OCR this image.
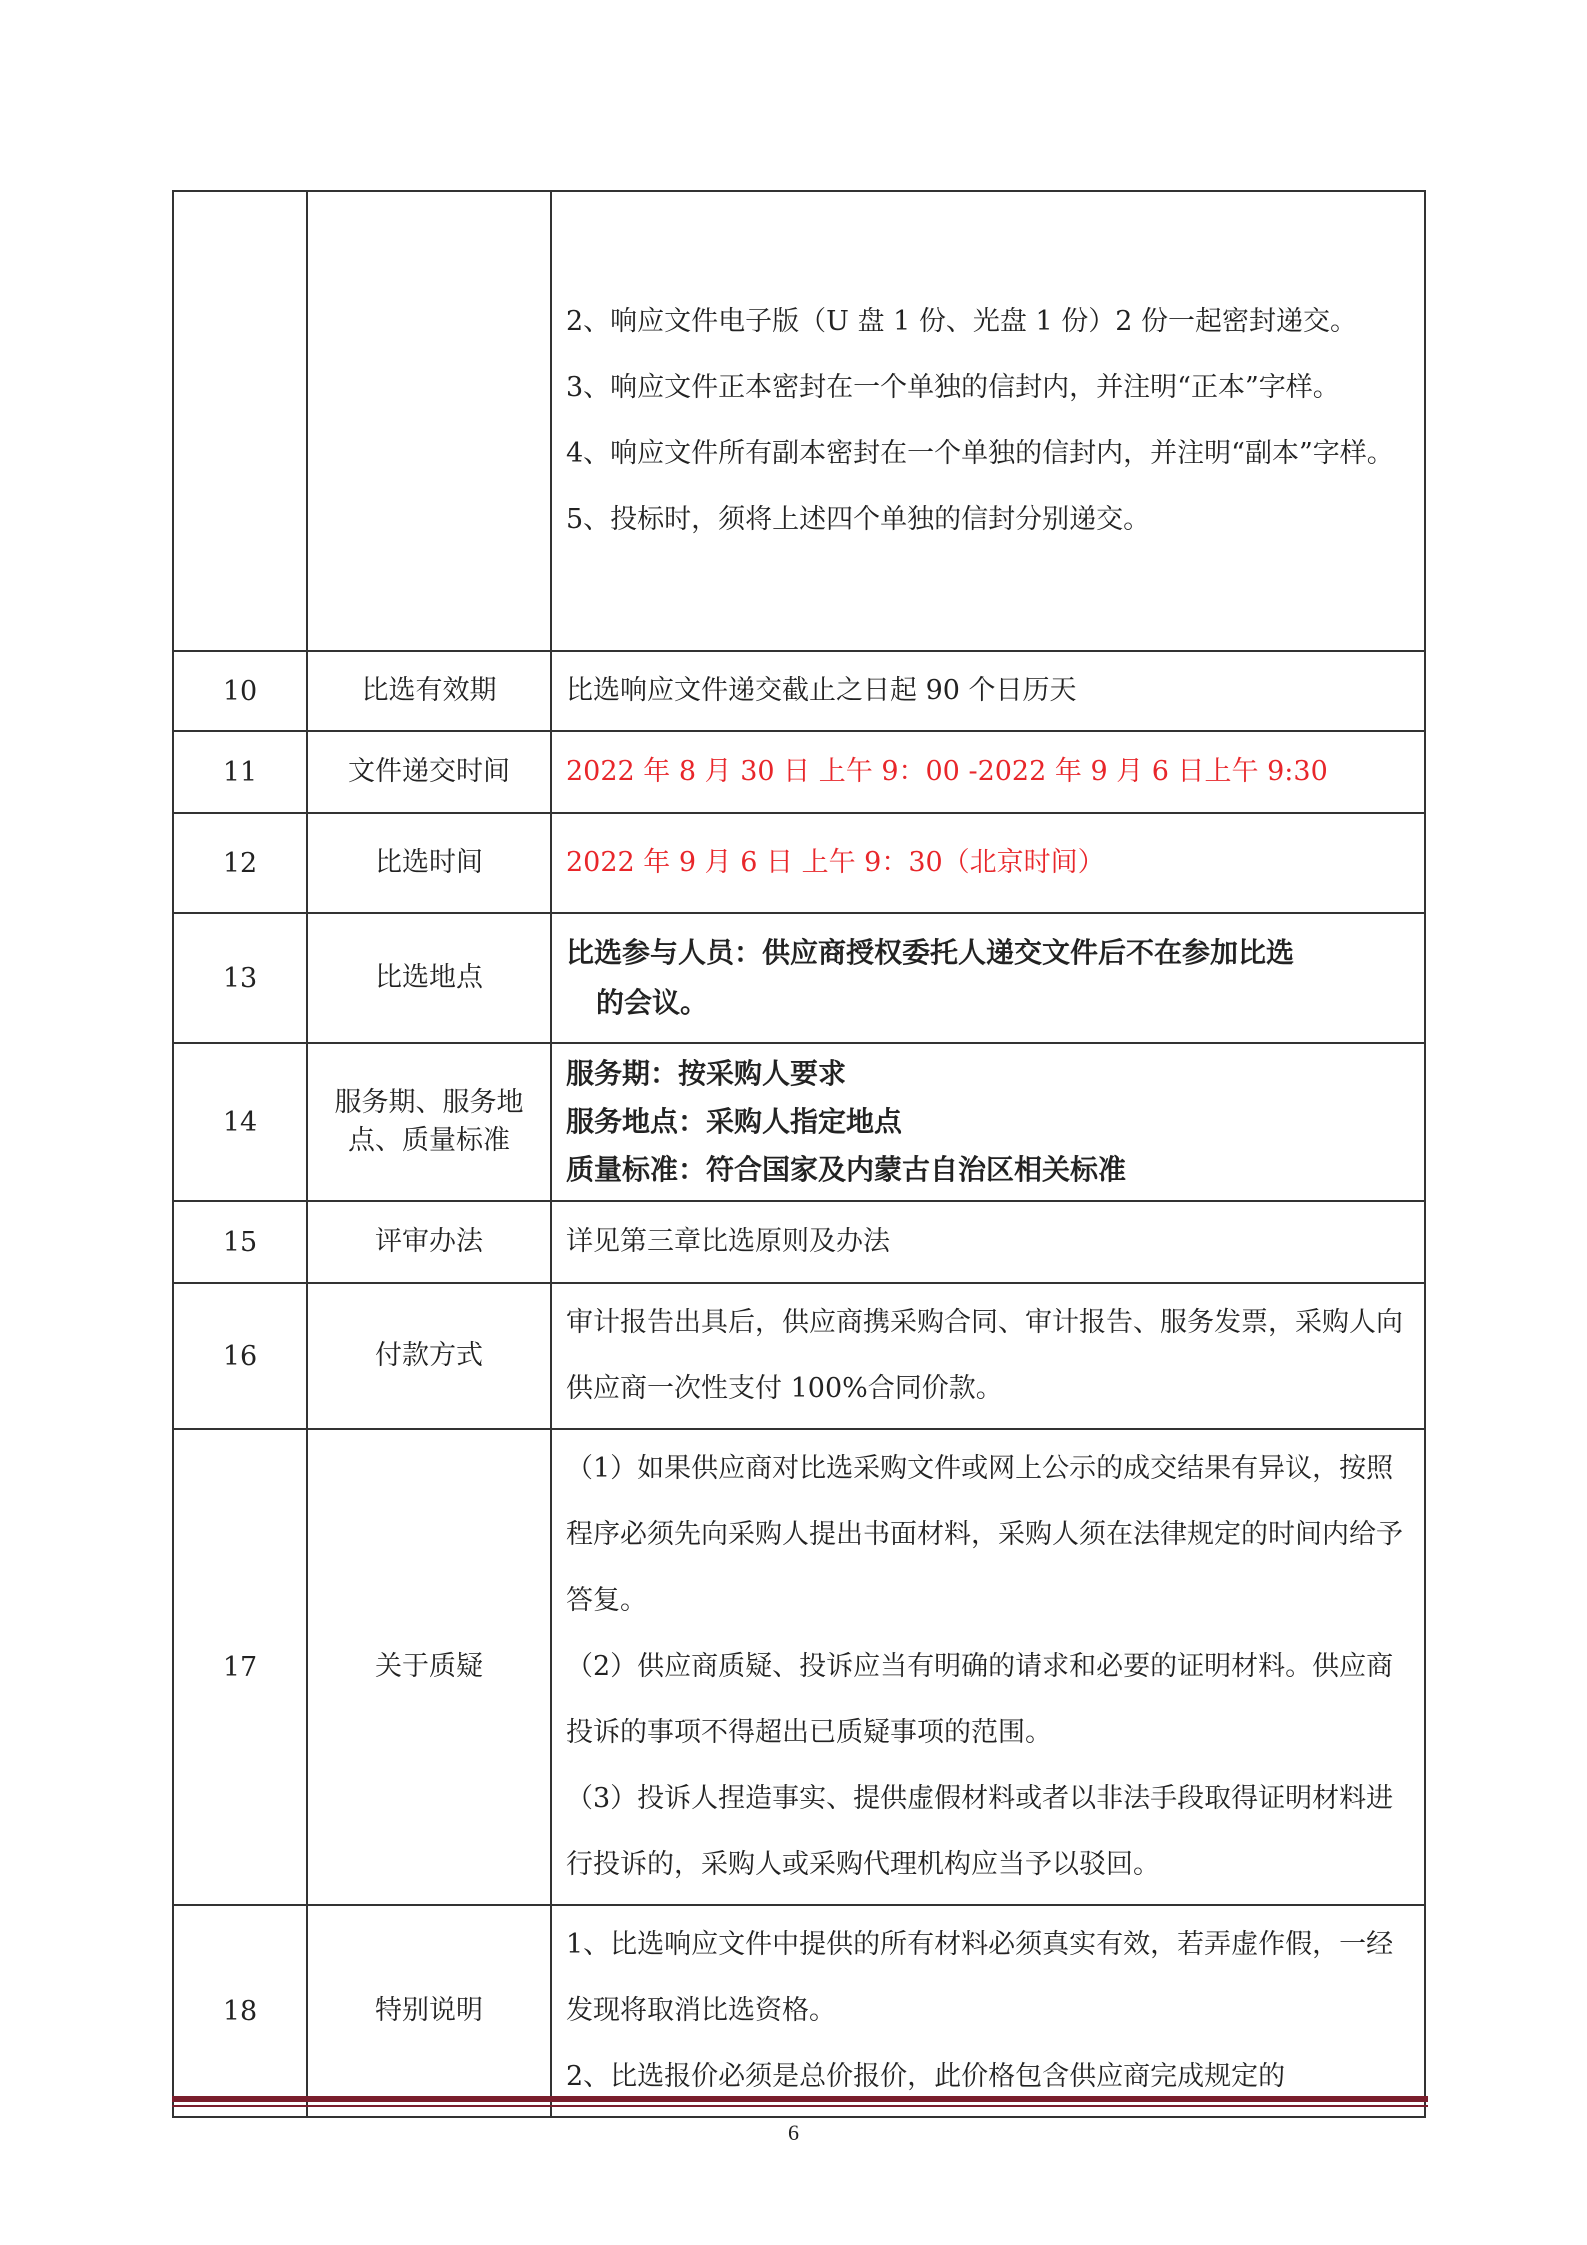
		2、响应文件电子版（U 盘 1 份、光盘 1 份）2 份一起密封递交。

3、响应文件正本密封在一个单独的信封内，并注明“正本”字样。

4、响应文件所有副本密封在一个单独的信封内，并注明“副本”字样。

5、投标时，须将上述四个单独的信封分别递交。

10	比选有效期	比选响应文件递交截止之日起 90 个日历天
11	文件递交时间	2022 年 8 月 30 日 上午 9：00 -2022 年 9 月 6 日上午 9:30
12	比选时间	2022 年 9 月 6 日 上午 9：30（北京时间）
13	比选地点	比选参与人员：供应商授权委托人递交文件后不在参加比选

的会议。

14	服务期、服务地点、质量标准	服务期：按采购人要求

服务地点：采购人指定地点

质量标准：符合国家及内蒙古自治区相关标准

15	评审办法	详见第三章比选原则及办法
16	付款方式	审计报告出具后，供应商携采购合同、审计报告、服务发票，采购人向供应商一次性支付 100%合同价款。
17	关于质疑	（1）如果供应商对比选采购文件或网上公示的成交结果有异议，按照程序必须先向采购人提出书面材料，采购人须在法律规定的时间内给予答复。

（2）供应商质疑、投诉应当有明确的请求和必要的证明材料。供应商投诉的事项不得超出已质疑事项的范围。

（3）投诉人捏造事实、提供虚假材料或者以非法手段取得证明材料进行投诉的，采购人或采购代理机构应当予以驳回。

18	特别说明	1、比选响应文件中提供的所有材料必须真实有效，若弄虚作假，一经发现将取消比选资格。

2、比选报价必须是总价报价，此价格包含供应商完成规定的

6
